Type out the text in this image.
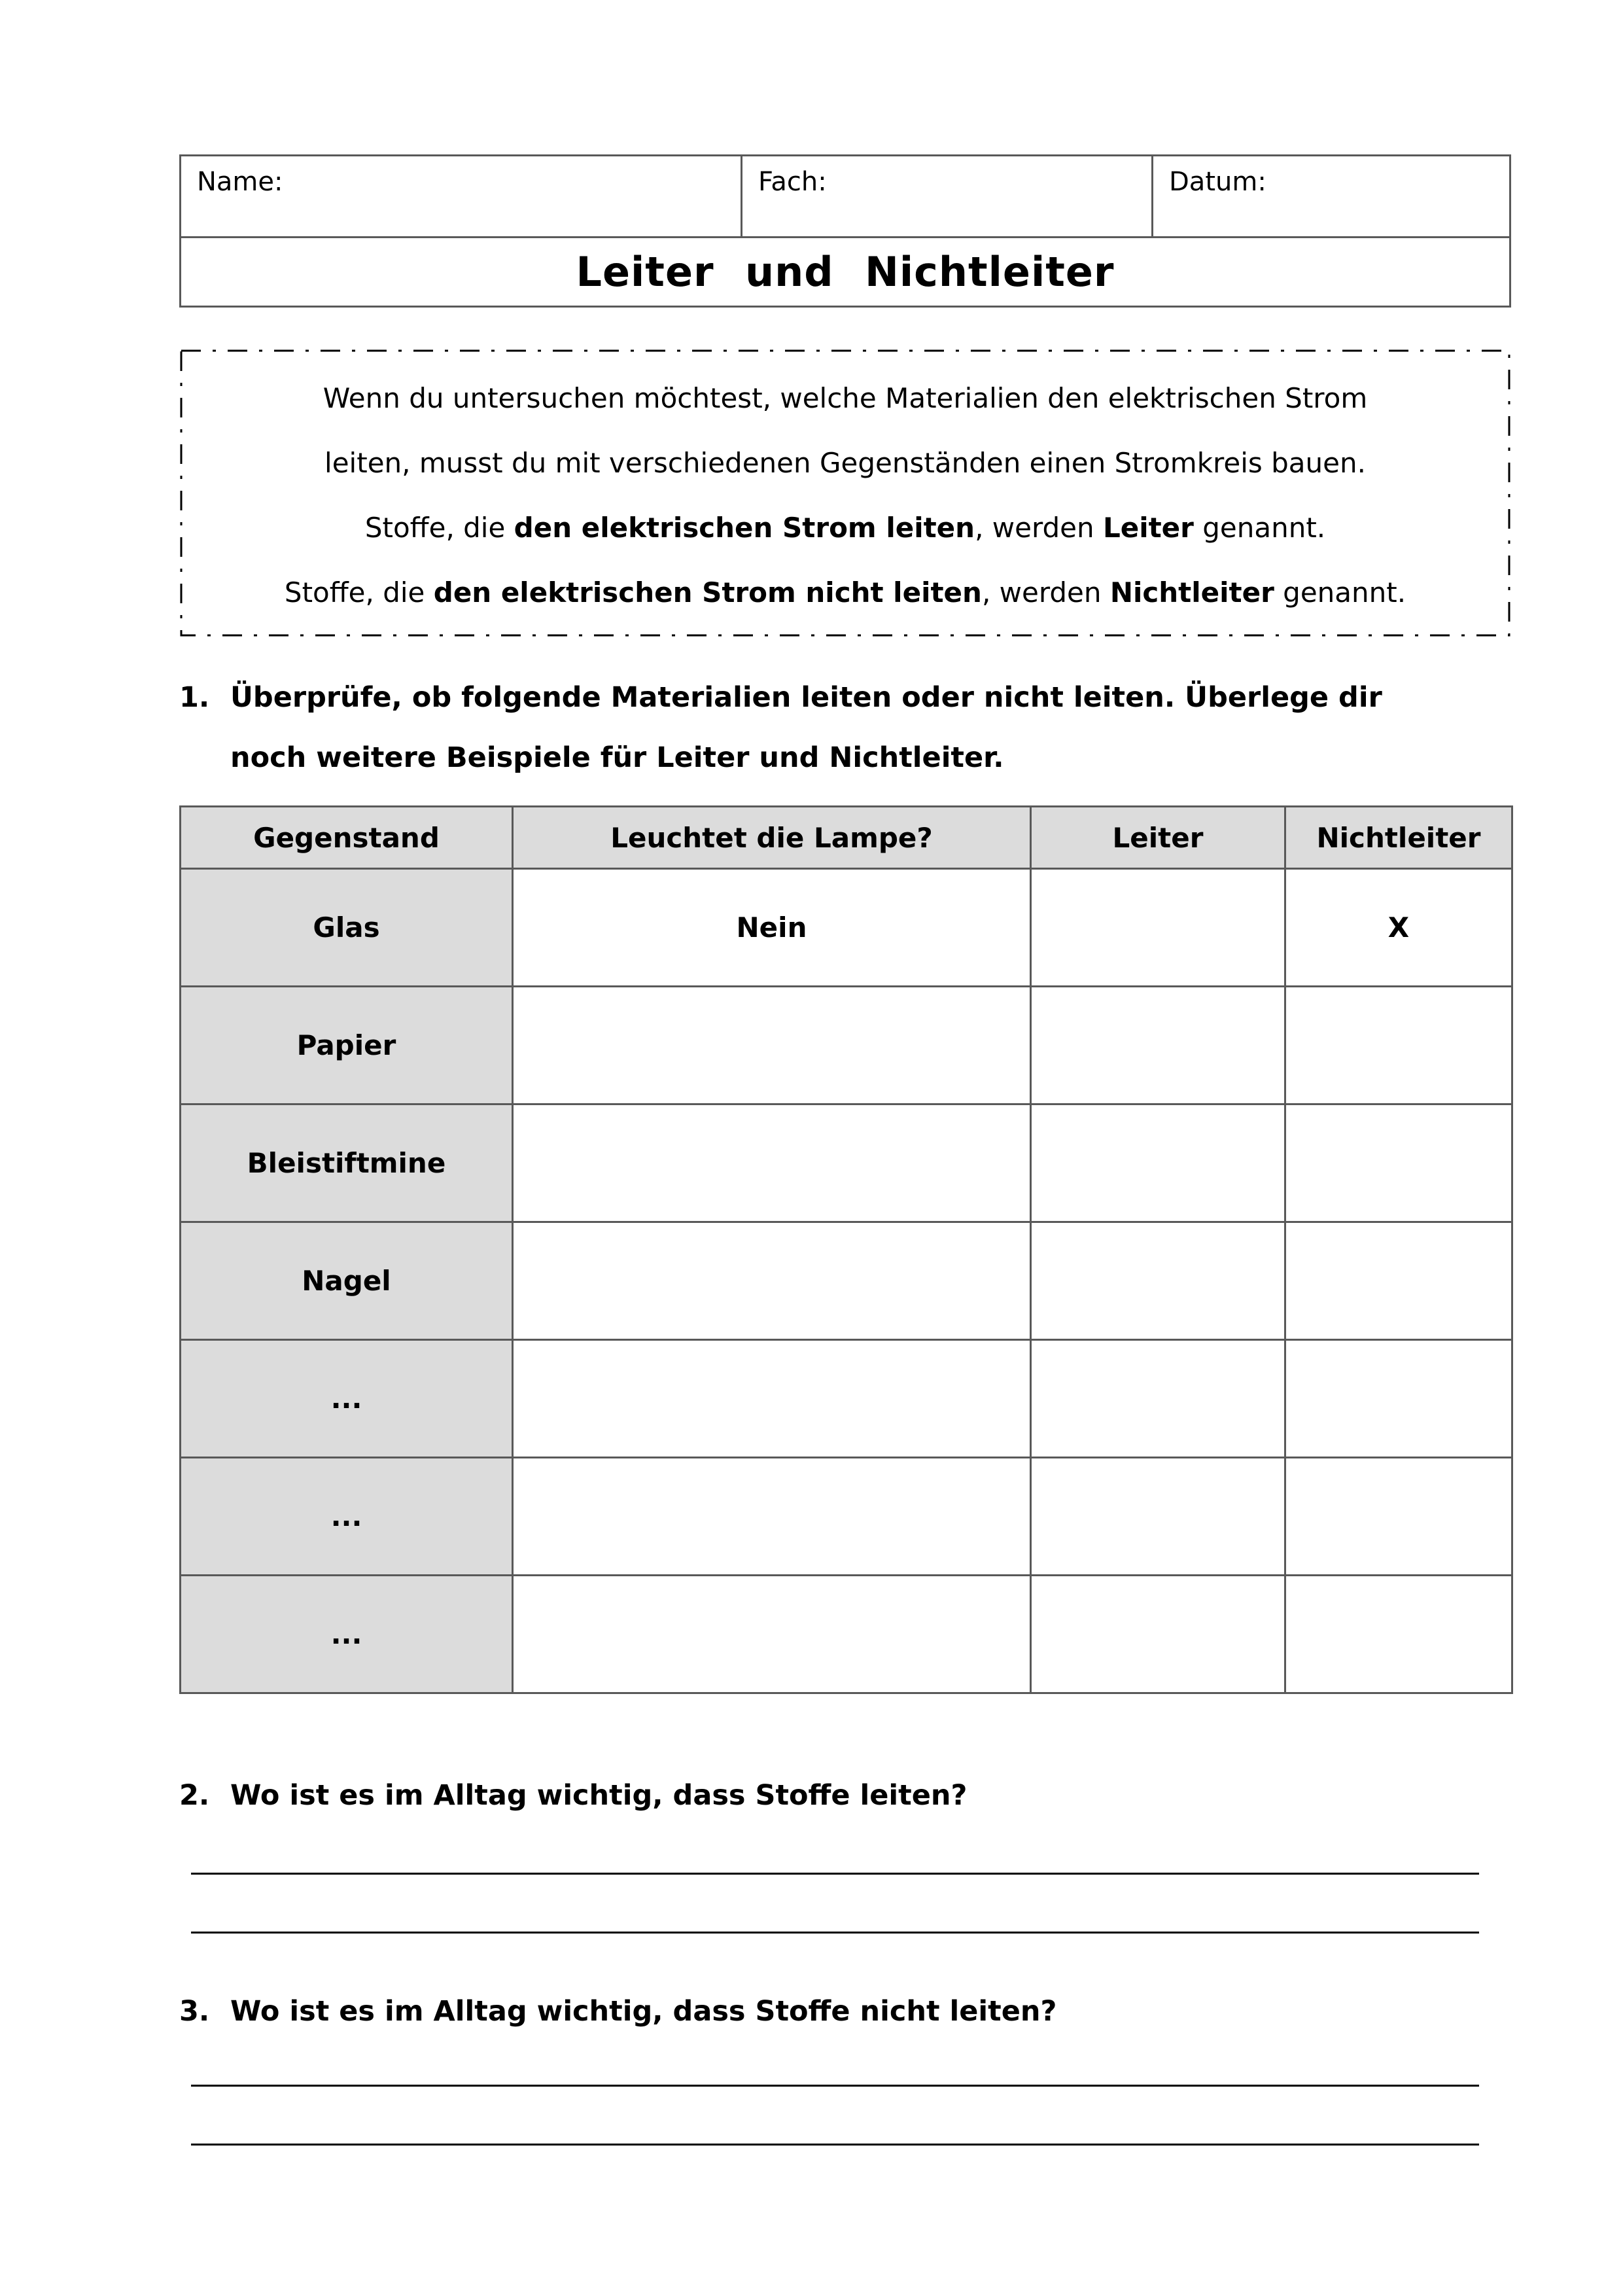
Name:	Fach:	Datum:
Leiter und Nichtleiter

Wenn du untersuchen möchtest, welche Materialien den elektrischen Strom

leiten, musst du mit verschiedenen Gegenständen einen Stromkreis bauen.

Stoffe, die den elektrischen Strom leiten, werden Leiter genannt.

Stoffe, die den elektrischen Strom nicht leiten, werden Nichtleiter genannt.

1. Überprüfe, ob folgende Materialien leiten oder nicht leiten. Überlege dir
noch weitere Beispiele für Leiter und Nichtleiter.
Gegenstand	Leuchtet die Lampe?	Leiter	Nichtleiter
Glas	Nein		X
Papier			
Bleistiftmine			
Nagel			
...			
...			
...			
2. Wo ist es im Alltag wichtig, dass Stoffe leiten?
3. Wo ist es im Alltag wichtig, dass Stoffe nicht leiten?
